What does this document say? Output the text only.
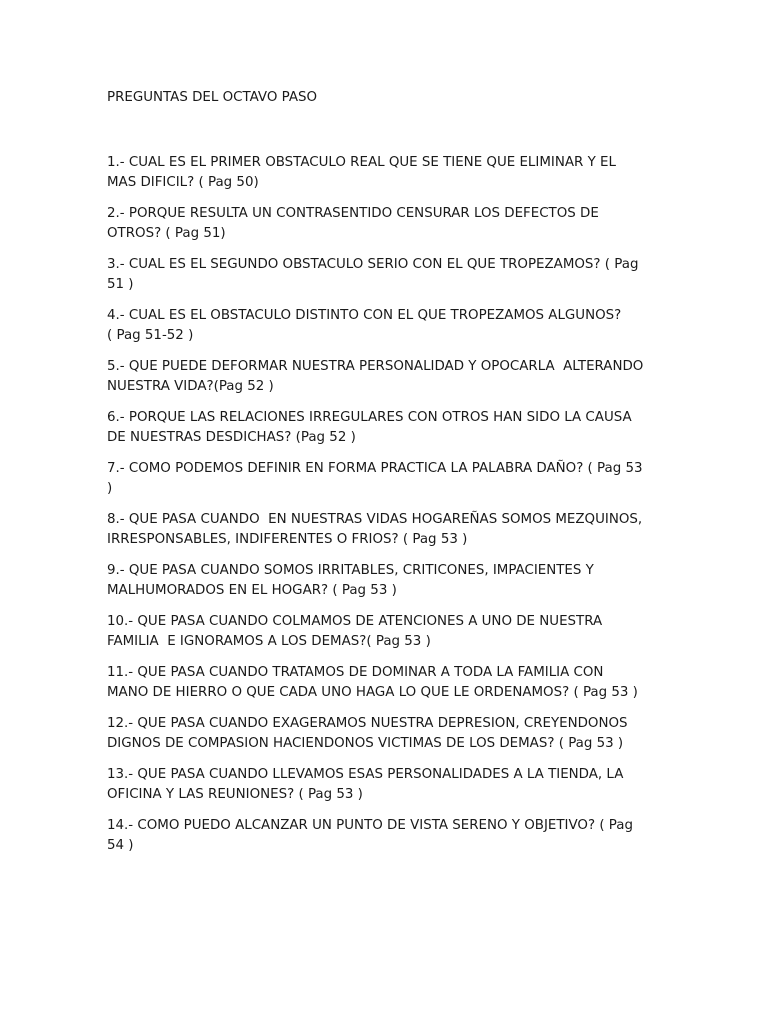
PREGUNTAS DEL OCTAVO PASO
1.- CUAL ES EL PRIMER OBSTACULO REAL QUE SE TIENE QUE ELIMINAR Y EL
MAS DIFICIL? ( Pag 50)
2.- PORQUE RESULTA UN CONTRASENTIDO CENSURAR LOS DEFECTOS DE
OTROS? ( Pag 51)
3.- CUAL ES EL SEGUNDO OBSTACULO SERIO CON EL QUE TROPEZAMOS? ( Pag
51 )
4.- CUAL ES EL OBSTACULO DISTINTO CON EL QUE TROPEZAMOS ALGUNOS?
( Pag 51-52 )
5.- QUE PUEDE DEFORMAR NUESTRA PERSONALIDAD Y OPOCARLA  ALTERANDO
NUESTRA VIDA?(Pag 52 )
6.- PORQUE LAS RELACIONES IRREGULARES CON OTROS HAN SIDO LA CAUSA
DE NUESTRAS DESDICHAS? (Pag 52 )
7.- COMO PODEMOS DEFINIR EN FORMA PRACTICA LA PALABRA DAÑO? ( Pag 53
)
8.- QUE PASA CUANDO  EN NUESTRAS VIDAS HOGAREÑAS SOMOS MEZQUINOS,
IRRESPONSABLES, INDIFERENTES O FRIOS? ( Pag 53 )
9.- QUE PASA CUANDO SOMOS IRRITABLES, CRITICONES, IMPACIENTES Y
MALHUMORADOS EN EL HOGAR? ( Pag 53 )
10.- QUE PASA CUANDO COLMAMOS DE ATENCIONES A UNO DE NUESTRA
FAMILIA  E IGNORAMOS A LOS DEMAS?( Pag 53 )
11.- QUE PASA CUANDO TRATAMOS DE DOMINAR A TODA LA FAMILIA CON
MANO DE HIERRO O QUE CADA UNO HAGA LO QUE LE ORDENAMOS? ( Pag 53 )
12.- QUE PASA CUANDO EXAGERAMOS NUESTRA DEPRESION, CREYENDONOS
DIGNOS DE COMPASION HACIENDONOS VICTIMAS DE LOS DEMAS? ( Pag 53 )
13.- QUE PASA CUANDO LLEVAMOS ESAS PERSONALIDADES A LA TIENDA, LA
OFICINA Y LAS REUNIONES? ( Pag 53 )
14.- COMO PUEDO ALCANZAR UN PUNTO DE VISTA SERENO Y OBJETIVO? ( Pag
54 )
